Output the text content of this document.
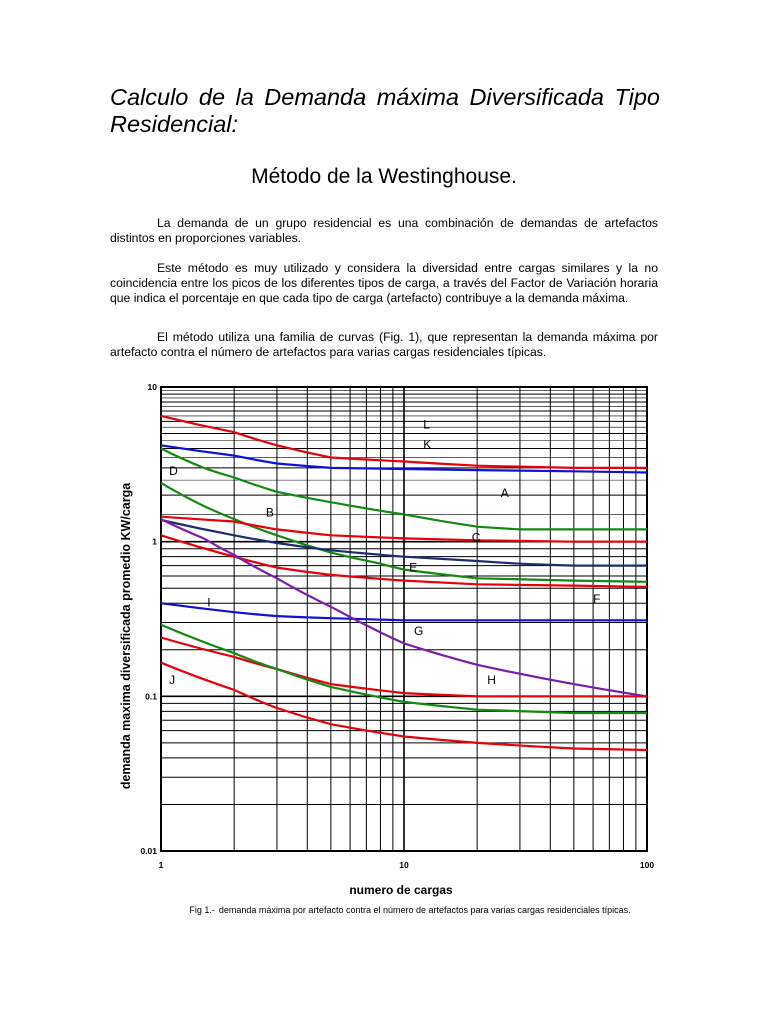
Calculo de la Demanda máxima Diversificada Tipo Residencial:
Método de la Westinghouse.

La demanda de un grupo residencial es una combinación de demandas de artefactos distintos en proporciones variables.

Este método es muy utilizado y considera la diversidad entre cargas similares y la no coincidencia entre los picos de los diferentes tipos de carga, a través del Factor de Variación horaria que indica el porcentaje en que cada tipo de carga (artefacto) contribuye a la demanda máxima.

El método utiliza una familia de curvas (Fig. 1), que representan la demanda máxima por artefacto contra el número de artefactos para varias cargas residenciales típicas.

L
K
A
D
B
C
E
F
G
H
I
J
1	10	100
10
1
0.1
0.01
numero de cargas
demanda maxima diversificada promedio KW/carga
Fig 1.- demanda máxima por artefacto contra el número de artefactos para varias cargas residenciales típicas.
